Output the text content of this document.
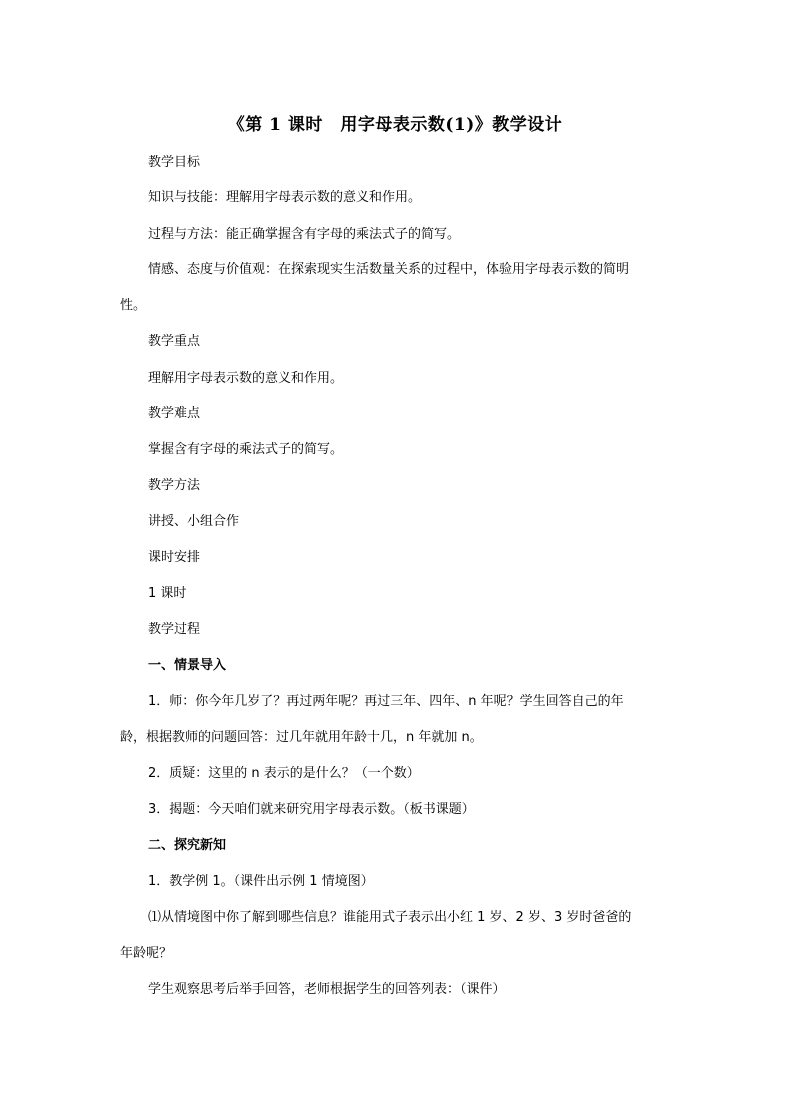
《第 1 课时　用字母表示数(1)》教学设计
教学目标
知识与技能：理解用字母表示数的意义和作用。
过程与方法：能正确掌握含有字母的乘法式子的简写。
情感、态度与价值观：在探索现实生活数量关系的过程中，体验用字母表示数的简明
性。
教学重点
理解用字母表示数的意义和作用。
教学难点
掌握含有字母的乘法式子的简写。
教学方法
讲授、小组合作
课时安排
1 课时
教学过程
一、情景导入
1．师：你今年几岁了？再过两年呢？再过三年、四年、n 年呢？学生回答自己的年
龄，根据教师的问题回答：过几年就用年龄十几，n 年就加 n。
2．质疑：这里的 n 表示的是什么？（一个数）
3．揭题：今天咱们就来研究用字母表示数。（板书课题）
二、探究新知
1．教学例 1。（课件出示例 1 情境图）
⑴从情境图中你了解到哪些信息？谁能用式子表示出小红 1 岁、2 岁、3 岁时爸爸的
年龄呢？
学生观察思考后举手回答，老师根据学生的回答列表：（课件）
